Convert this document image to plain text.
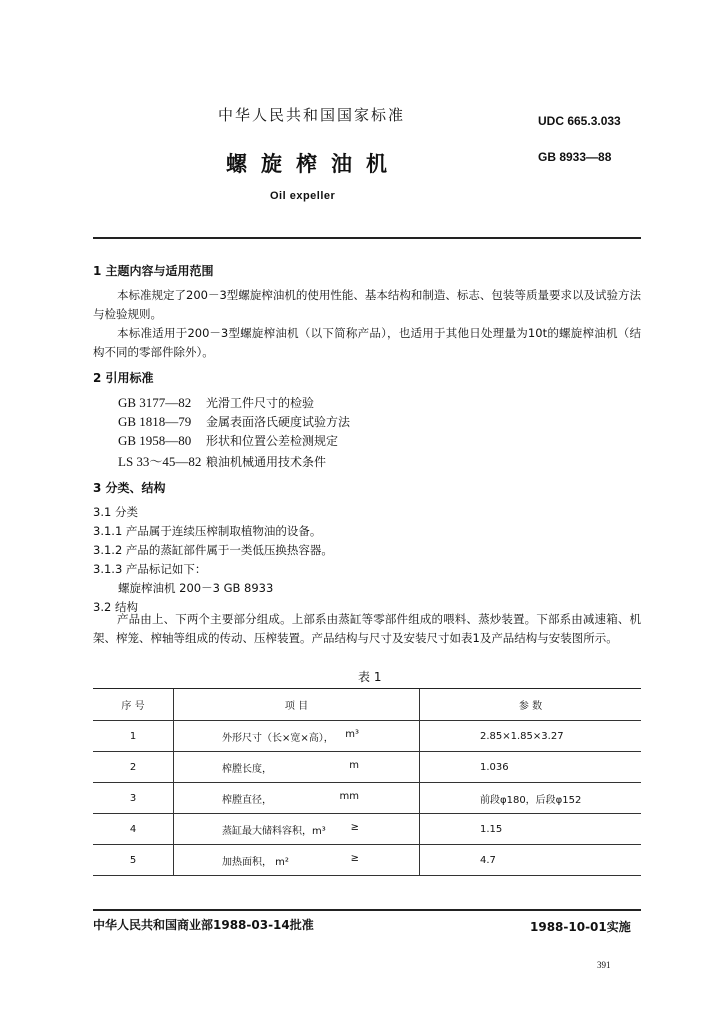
中华人民共和国国家标准	UDC 665.3.033
螺旋榨油机	GB 8933—88
Oil expeller
1 主题内容与适用范围

本标准规定了200－3型螺旋榨油机的使用性能、基本结构和制造、标志、包装等质量要求以及试验方法与检验规则。

本标准适用于200－3型螺旋榨油机（以下简称产品），也适用于其他日处理量为10t的螺旋榨油机（结构不同的零部件除外）。

2 引用标准
GB 3177—82 光滑工件尺寸的检验
GB 1818—79 金属表面洛氏硬度试验方法
GB 1958—80 形状和位置公差检测规定
LS 33～45—82 粮油机械通用技术条件
3 分类、结构
3.1 分类
3.1.1 产品属于连续压榨制取植物油的设备。
3.1.2 产品的蒸缸部件属于一类低压换热容器。
3.1.3 产品标记如下：
螺旋榨油机 200－3 GB 8933
3.2 结构

产品由上、下两个主要部分组成。上部系由蒸缸等零部件组成的喂料、蒸炒装置。下部系由减速箱、机架、榨笼、榨轴等组成的传动、压榨装置。产品结构与尺寸及安装尺寸如表1及产品结构与安装图所示。

表 1
序 号	项 目	参 数
1	外形尺寸（长×宽×高）， m³	2.85×1.85×3.27
2	榨膛长度， m	1.036
3	榨膛直径， mm	前段φ180，后段φ152
4	蒸缸最大储料容积，m³ ≥	1.15
5	加热面积， m² ≥	4.7
中华人民共和国商业部1988-03-14批准	1988-10-01实施
391
